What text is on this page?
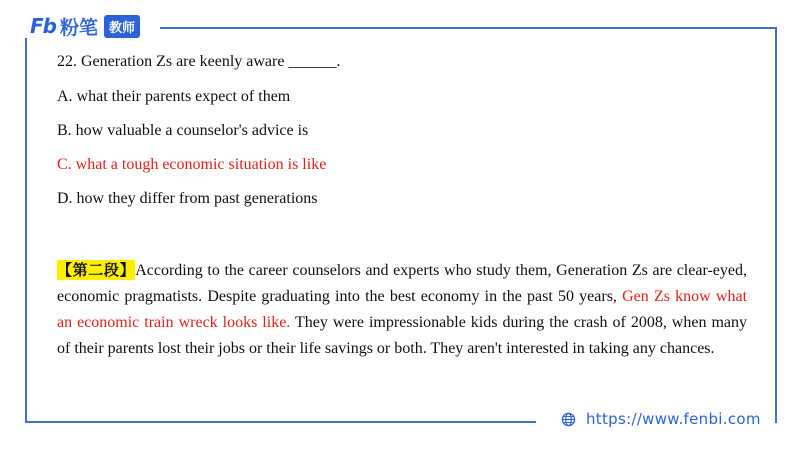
Fb 粉笔 教师
22. Generation Zs are keenly aware ______.
A. what their parents expect of them
B. how valuable a counselor's advice is
C. what a tough economic situation is like
D. how they differ from past generations
【第二段】According to the career counselors and experts who study them, Generation Zs are clear-eyed, economic pragmatists. Despite graduating into the best economy in the past 50 years, Gen Zs know what an economic train wreck looks like. They were impressionable kids during the crash of 2008, when many of their parents lost their jobs or their life savings or both. They aren't interested in taking any chances.
https://www.fenbi.com
